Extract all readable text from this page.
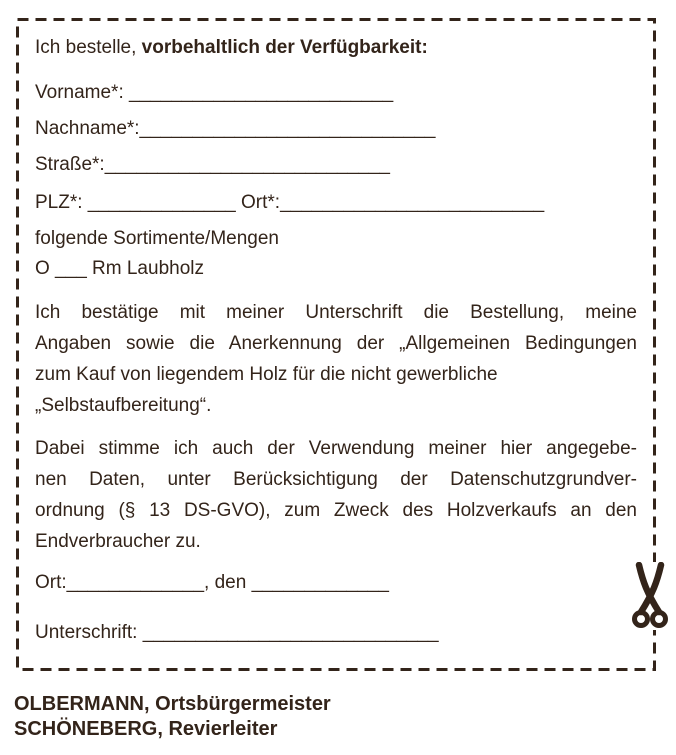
Ich bestelle, vorbehaltlich der Verfügbarkeit:
Vorname*: _________________________
Nachname*:____________________________
Straße*:___________________________
PLZ*: ______________ Ort*:_________________________
folgende Sortimente/Mengen
O ___ Rm Laubholz
Ich bestätige mit meiner Unterschrift die Bestellung, meine
Angaben sowie die Anerkennung der „Allgemeinen Bedingungen
zum Kauf von liegendem Holz für die nicht gewerbliche
„Selbstaufbereitung“.
Dabei stimme ich auch der Verwendung meiner hier angegebe-
nen Daten, unter Berücksichtigung der Datenschutzgrundver-
ordnung (§ 13 DS-GVO), zum Zweck des Holzverkaufs an den
Endverbraucher zu.
Ort:_____________, den _____________
Unterschrift: ____________________________
OLBERMANN, Ortsbürgermeister
SCHÖNEBERG, Revierleiter
